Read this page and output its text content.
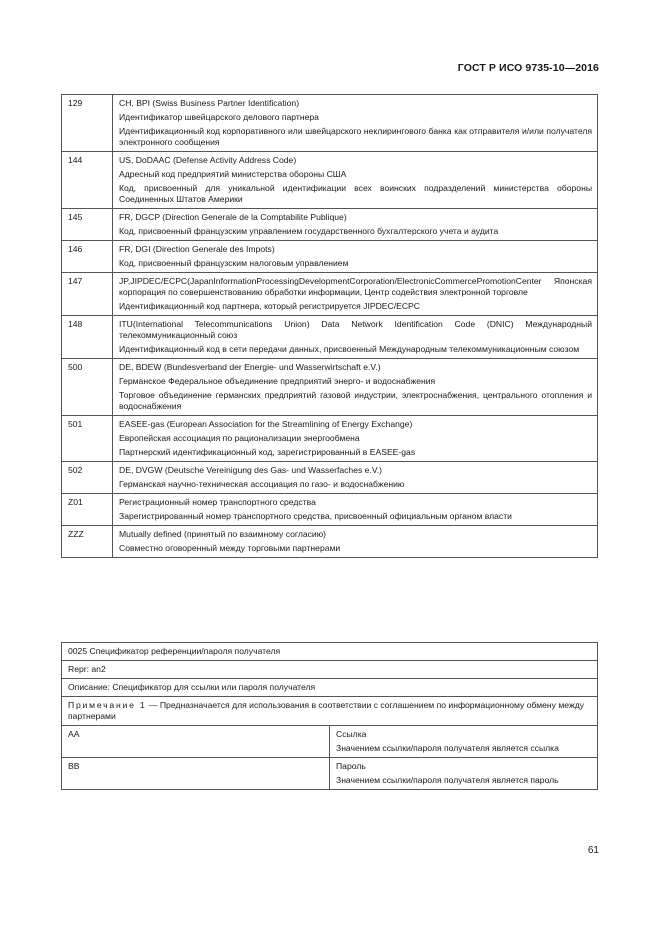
ГОСТ Р ИСО 9735-10—2016
129	CH, BPI (Swiss Business Partner Identification)
Идентификатор швейцарского делового партнера
Идентификационный код корпоративного или швейцарского неклирингового банка как отправителя и/или получателя электронного сообщения

144	US, DoDAAC (Defense Activity Address Code)
Адресный код предприятий министерства обороны США
Код, присвоенный для уникальной идентификации всех воинских подразделений министерства обороны Соединенных Штатов Америки

145	FR, DGCP (Direction Generale de la Comptabilite Publique)
Код, присвоенный французским управлением государственного бухгалтерского учета и аудита

146	FR, DGI (Direction Generale des Impots)
Код, присвоенный французским налоговым управлением

147	JP,JIPDEC/ECPC(JapanInformationProcessingDevelopmentCorporation/ElectronicCommercePromotionCenter Японская корпорация по совершенствованию обработки информации, Центр содействия электронной торговле
Идентификационный код партнера, который регистрируется JIPDEC/ECPC

148	ITU(International Telecommunications Union) Data Network Identification Code (DNIC) Международный телекоммуникационный союз
Идентификационный код в сети передачи данных, присвоенный Международным телекоммуникационным союзом

500	DE, BDEW (Bundesverband der Energie- und Wasserwirtschaft e.V.)
Германское Федеральное объединение предприятий энерго- и водоснабжения
Торговое объединение германских предприятий газовой индустрии, электроснабжения, центрального отопления и водоснабжения

501	EASEE-gas (European Association for the Streamlining of Energy Exchange)
Европейская ассоциация по рационализации энергообмена
Партнерский идентификационный код, зарегистрированный в EASEE-gas

502	DE, DVGW (Deutsche Vereinigung des Gas- und Wasserfaches e.V.)
Германская научно-техническая ассоциация по газо- и водоснабжению

Z01	Регистрационный номер транспортного средства
Зарегистрированный номер транспортного средства, присвоенный официальным органом власти

ZZZ	Mutually defined (принятый по взаимному согласию)
Совместно оговоренный между торговыми партнерами
0025 Спецификатор референции/пароля получателя	
Repr: an2	
Описание: Спецификатор для ссылки или пароля получателя	
Примечание 1 — Предназначается для использования в соответствии с соглашением по информационному обмену между партнерами	
AA	Ссылка
Значением ссылки/пароля получателя является ссылка

BB	Пароль
Значением ссылки/пароля получателя является пароль
61
